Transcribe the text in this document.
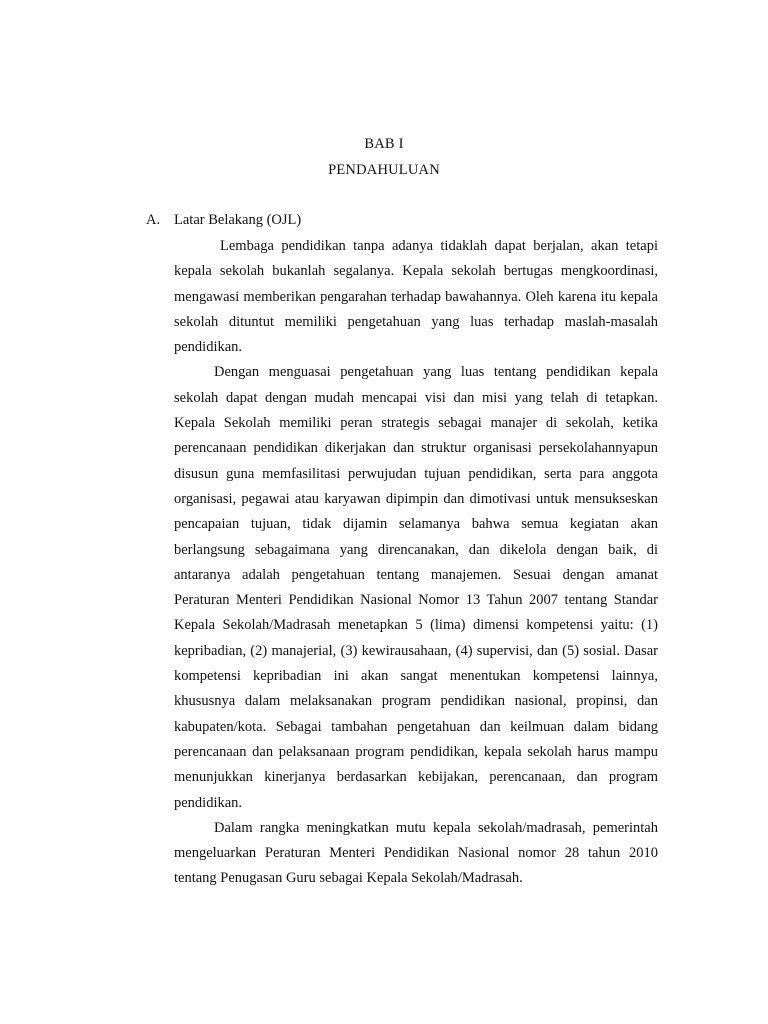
BAB I
PENDAHULUAN
A. Latar Belakang (OJL)

Lembaga pendidikan tanpa adanya tidaklah dapat berjalan, akan tetapi kepala sekolah bukanlah segalanya. Kepala sekolah bertugas mengkoordinasi, mengawasi memberikan pengarahan terhadap bawahannya. Oleh karena itu kepala sekolah dituntut memiliki pengetahuan yang luas terhadap maslah-masalah pendidikan.

Dengan menguasai pengetahuan yang luas tentang pendidikan kepala sekolah dapat dengan mudah mencapai visi dan misi yang telah di tetapkan. Kepala Sekolah memiliki peran strategis sebagai manajer di sekolah, ketika perencanaan pendidikan dikerjakan dan struktur organisasi persekolahannyapun disusun guna memfasilitasi perwujudan tujuan pendidikan, serta para anggota organisasi, pegawai atau karyawan dipimpin dan dimotivasi untuk mensukseskan pencapaian tujuan, tidak dijamin selamanya bahwa semua kegiatan akan berlangsung sebagaimana yang direncanakan, dan dikelola dengan baik, di antaranya adalah pengetahuan tentang manajemen. Sesuai dengan amanat Peraturan Menteri Pendidikan Nasional Nomor 13 Tahun 2007 tentang Standar Kepala Sekolah/Madrasah menetapkan 5 (lima) dimensi kompetensi yaitu: (1) kepribadian, (2) manajerial, (3) kewirausahaan, (4) supervisi, dan (5) sosial. Dasar kompetensi kepribadian ini akan sangat menentukan kompetensi lainnya, khususnya dalam melaksanakan program pendidikan nasional, propinsi, dan kabupaten/kota. Sebagai tambahan pengetahuan dan keilmuan dalam bidang perencanaan dan pelaksanaan program pendidikan, kepala sekolah harus mampu menunjukkan kinerjanya berdasarkan kebijakan, perencanaan, dan program pendidikan.

Dalam rangka meningkatkan mutu kepala sekolah/madrasah, pemerintah mengeluarkan Peraturan Menteri Pendidikan Nasional nomor 28 tahun 2010 tentang Penugasan Guru sebagai Kepala Sekolah/Madrasah.
